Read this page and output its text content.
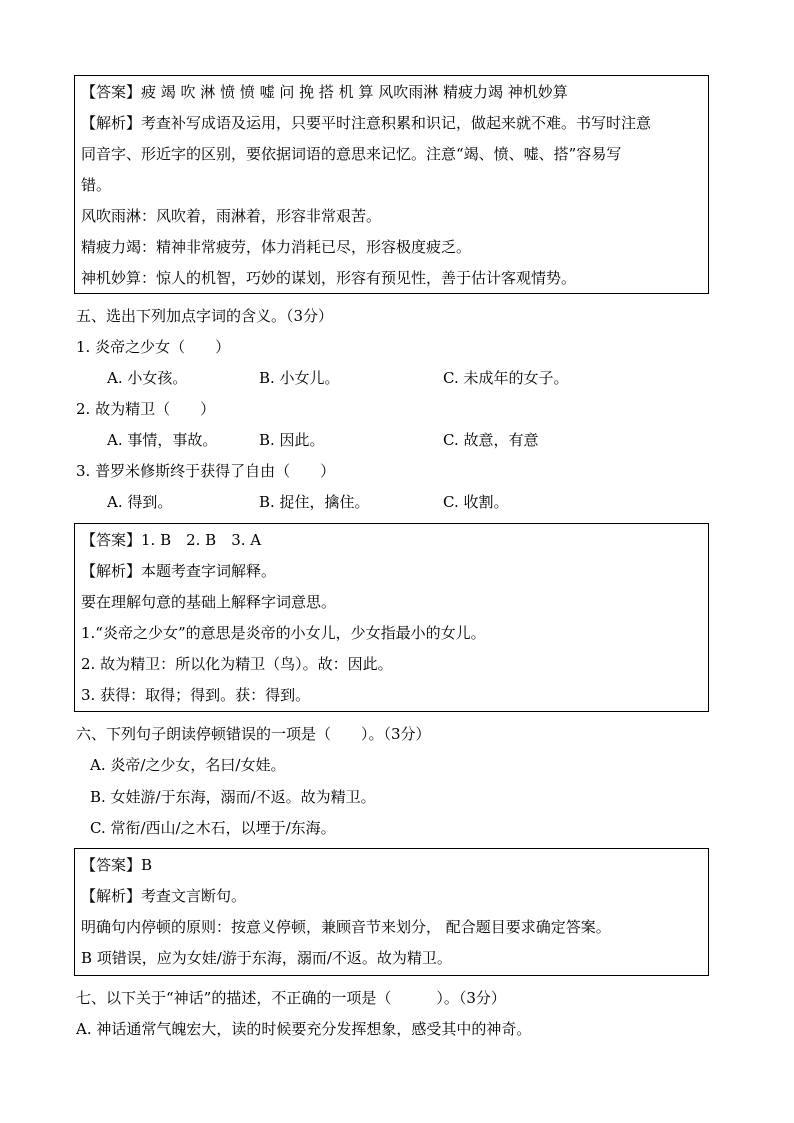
【答案】疲 竭 吹 淋 愤 愤 嘘 问 挽 搭 机 算 风吹雨淋 精疲力竭 神机妙算
【解析】考查补写成语及运用，只要平时注意积累和识记，做起来就不难。书写时注意
同音字、形近字的区别，要依据词语的意思来记忆。注意“竭、愤、嘘、搭”容易写
错。
风吹雨淋：风吹着，雨淋着，形容非常艰苦。
精疲力竭：精神非常疲劳，体力消耗已尽，形容极度疲乏。
神机妙算：惊人的机智，巧妙的谋划，形容有预见性，善于估计客观情势。
五、选出下列加点字词的含义。（3分）
1. 炎帝之少女（　　）
A. 小女孩。	B. 小女儿。	C. 未成年的女子。
2. 故为精卫（　　）
A. 事情，事故。	B. 因此。	C. 故意，有意
3. 普罗米修斯终于获得了自由（　　）
A. 得到。	B. 捉住，擒住。	C. 收割。
【答案】1. B　2. B　3. A
【解析】本题考查字词解释。
要在理解句意的基础上解释字词意思。
1.“炎帝之少女”的意思是炎帝的小女儿，少女指最小的女儿。
2. 故为精卫：所以化为精卫（鸟）。故：因此。
3. 获得：取得；得到。获：得到。
六、下列句子朗读停顿错误的一项是（　　）。（3分）
A. 炎帝/之少女，名曰/女娃。
B. 女娃游/于东海，溺而/不返。故为精卫。
C. 常衔/西山/之木石，以堙于/东海。
【答案】B
【解析】考查文言断句。
明确句内停顿的原则：按意义停顿，兼顾音节来划分， 配合题目要求确定答案。
B 项错误，应为女娃/游于东海，溺而/不返。故为精卫。
七、以下关于“神话”的描述，不正确的一项是（　　　）。（3分）
A. 神话通常气魄宏大，读的时候要充分发挥想象，感受其中的神奇。
